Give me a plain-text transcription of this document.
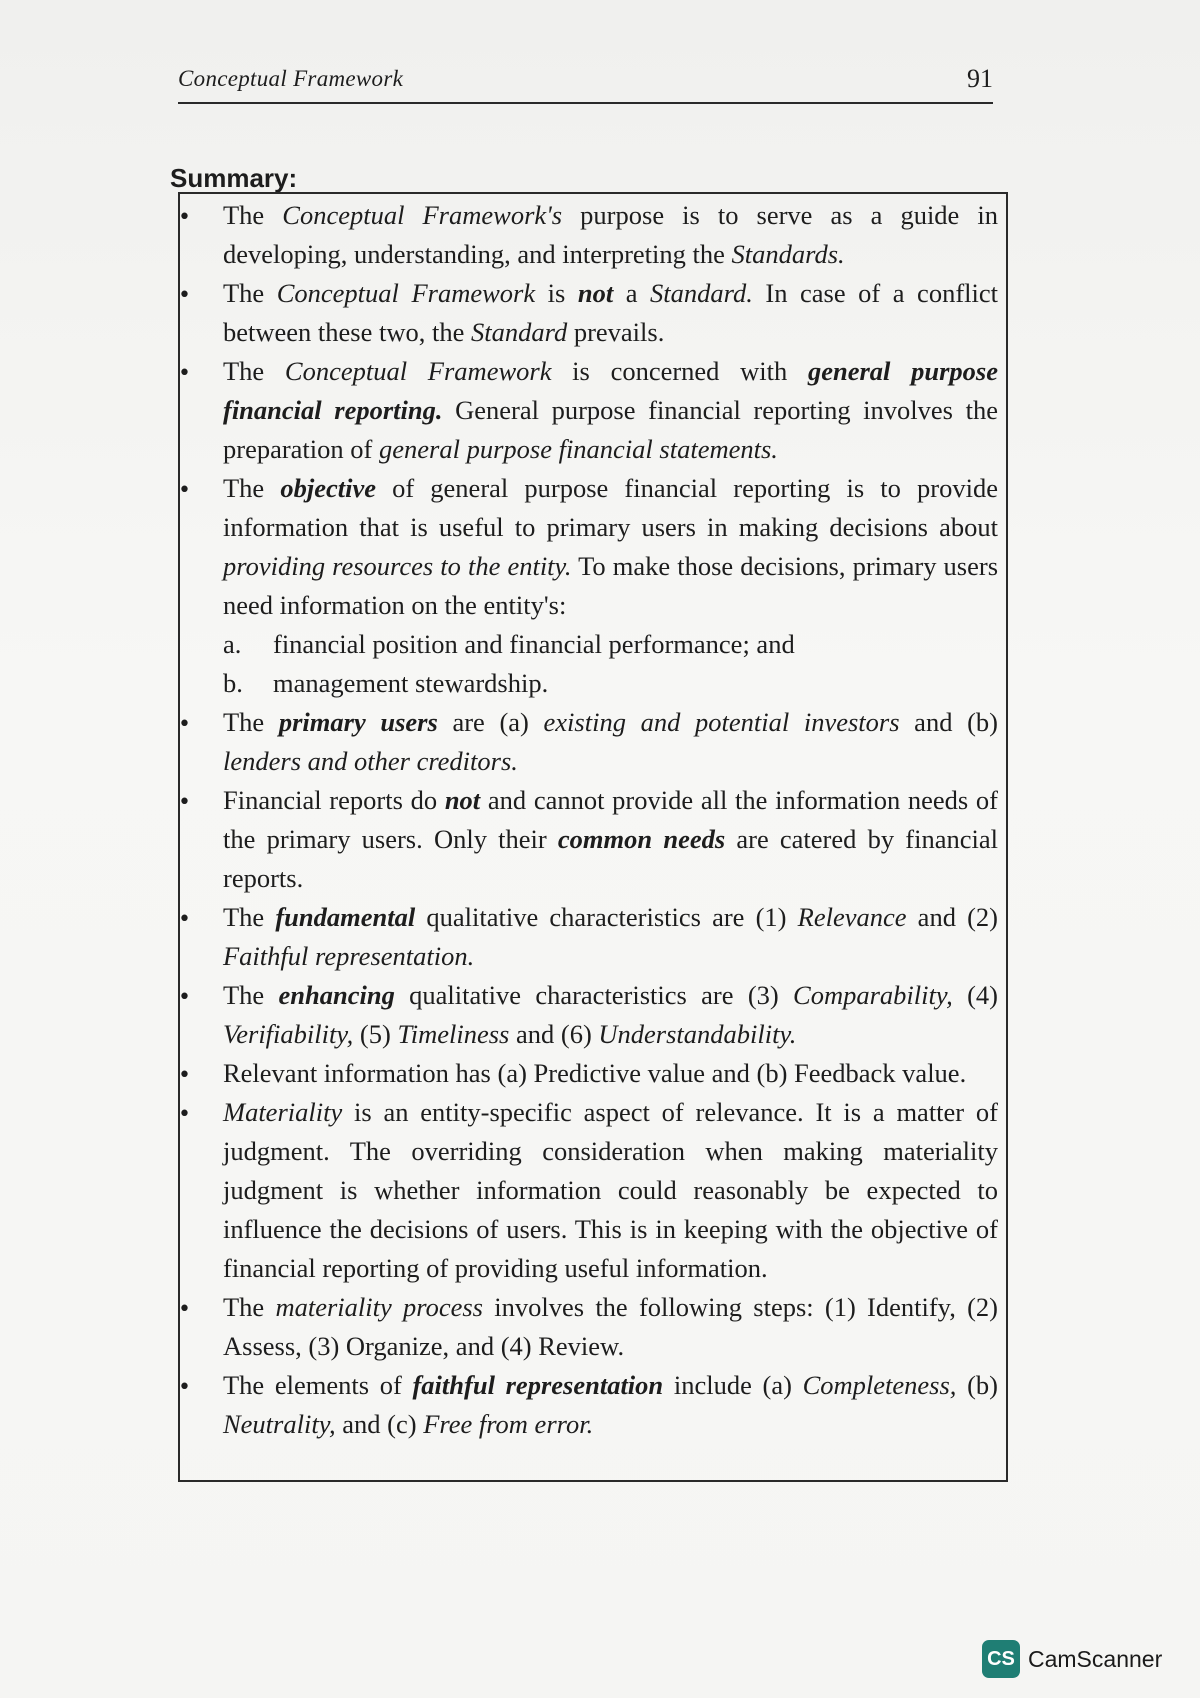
Conceptual Framework	91
Summary:
• The Conceptual Framework's purpose is to serve as a guide in developing, understanding, and interpreting the Standards.
• The Conceptual Framework is not a Standard. In case of a conflict between these two, the Standard prevails.
• The Conceptual Framework is concerned with general purpose financial reporting. General purpose financial reporting involves the preparation of general purpose financial statements.
• The objective of general purpose financial reporting is to provide information that is useful to primary users in making decisions about providing resources to the entity. To make those decisions, primary users need information on the entity's:
a. financial position and financial performance; and
b. management stewardship.
• The primary users are (a) existing and potential investors and (b) lenders and other creditors.
• Financial reports do not and cannot provide all the information needs of the primary users. Only their common needs are catered by financial reports.
• The fundamental qualitative characteristics are (1) Relevance and (2) Faithful representation.
• The enhancing qualitative characteristics are (3) Comparability, (4) Verifiability, (5) Timeliness and (6) Understandability.
• Relevant information has (a) Predictive value and (b) Feedback value.
• Materiality is an entity-specific aspect of relevance. It is a matter of judgment. The overriding consideration when making materiality judgment is whether information could reasonably be expected to influence the decisions of users. This is in keeping with the objective of financial reporting of providing useful information.
• The materiality process involves the following steps: (1) Identify, (2) Assess, (3) Organize, and (4) Review.
• The elements of faithful representation include (a) Completeness, (b) Neutrality, and (c) Free from error.
CS CamScanner
